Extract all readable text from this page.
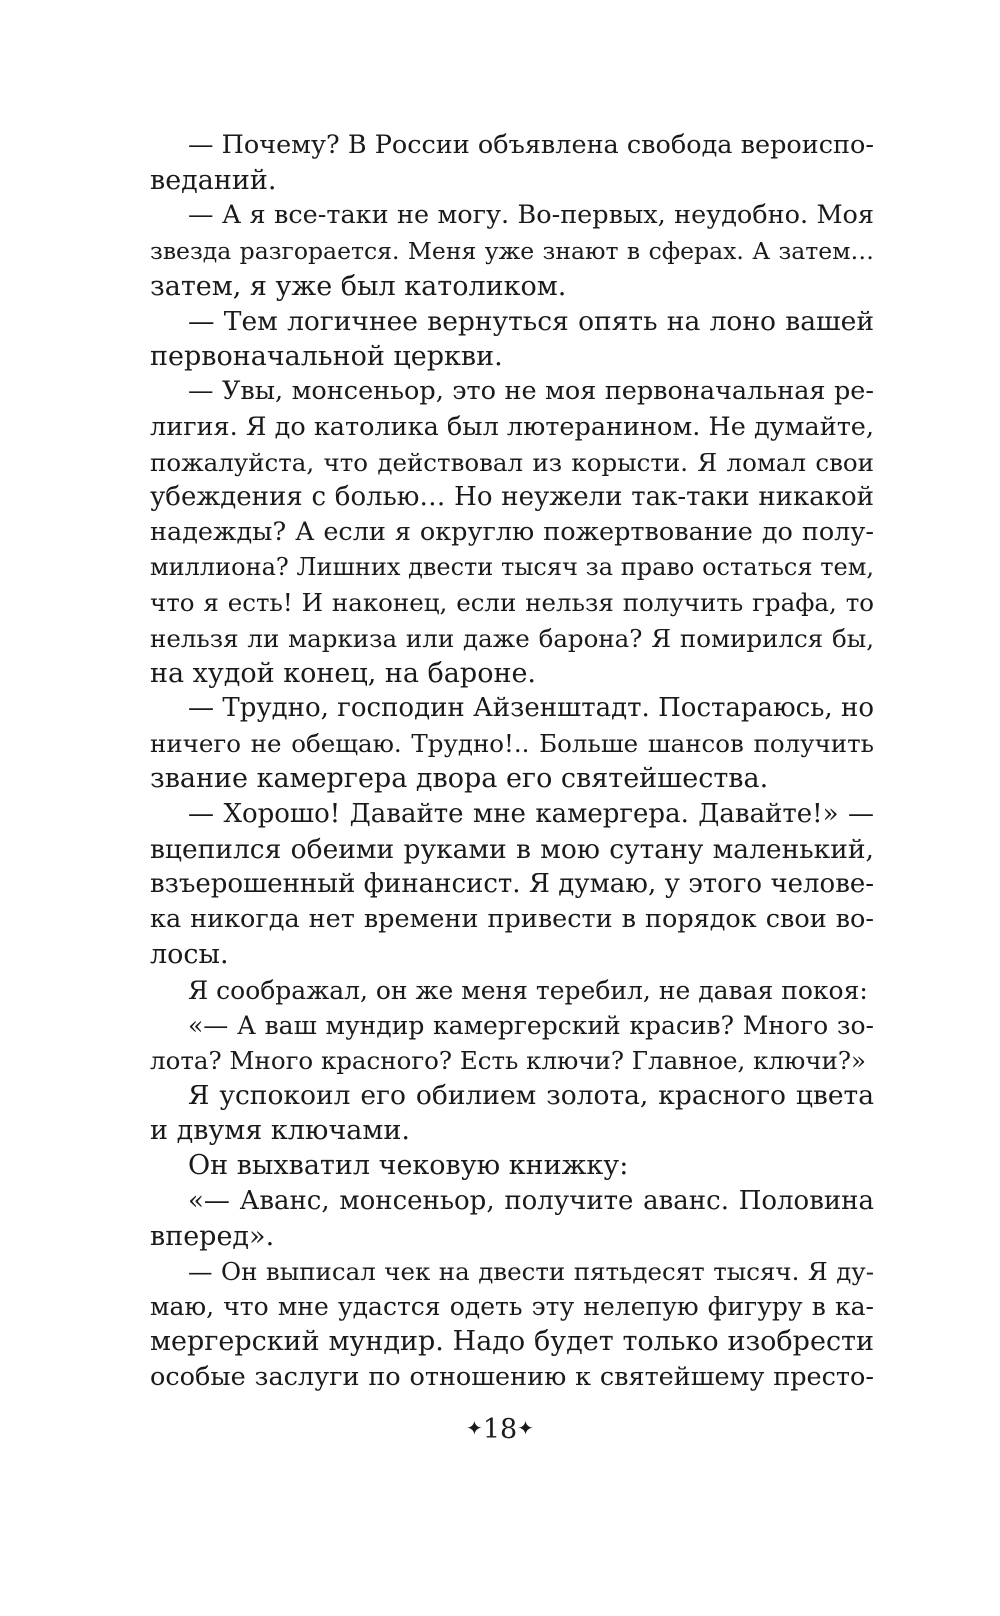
— Почему? В России объявлена свобода вероиспо-
веданий.
— А я все-таки не могу. Во-первых, неудобно. Моя
звезда разгорается. Меня уже знают в сферах. А затем…
затем, я уже был католиком.
— Тем логичнее вернуться опять на лоно вашей
первоначальной церкви.
— Увы, монсеньор, это не моя первоначальная ре-
лигия. Я до католика был лютеранином. Не думайте,
пожалуйста, что действовал из корысти. Я ломал свои
убеждения с болью… Но неужели так-таки никакой
надежды? А если я округлю пожертвование до полу-
миллиона? Лишних двести тысяч за право остаться тем,
что я есть! И наконец, если нельзя получить графа, то
нельзя ли маркиза или даже барона? Я помирился бы,
на худой конец, на бароне.
— Трудно, господин Айзенштадт. Постараюсь, но
ничего не обещаю. Трудно!.. Больше шансов получить
звание камергера двора его святейшества.
— Хорошо! Давайте мне камергера. Давайте!» —
вцепился обеими руками в мою сутану маленький,
взъерошенный финансист. Я думаю, у этого челове-
ка никогда нет времени привести в порядок свои во-
лосы.
Я соображал, он же меня теребил, не давая покоя:
«— А ваш мундир камергерский красив? Много зо-
лота? Много красного? Есть ключи? Главное, ключи?»
Я успокоил его обилием золота, красного цвета
и двумя ключами.
Он выхватил чековую книжку:
«— Аванс, монсеньор, получите аванс. Половина
вперед».
— Он выписал чек на двести пятьдесят тысяч. Я ду-
маю, что мне удастся одеть эту нелепую фигуру в ка-
мергерский мундир. Надо будет только изобрести
особые заслуги по отношению к святейшему престо-
✦18✦
